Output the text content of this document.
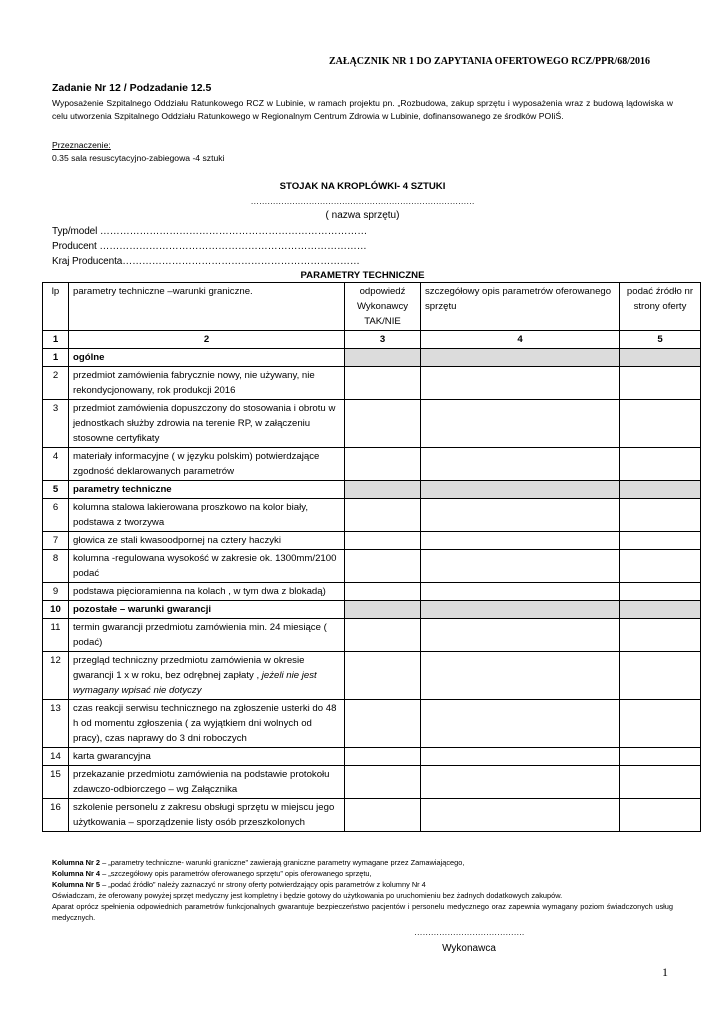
ZAŁĄCZNIK NR 1 DO ZAPYTANIA OFERTOWEGO RCZ/PPR/68/2016
Zadanie Nr 12 / Podzadanie 12.5
Wyposażenie Szpitalnego Oddziału Ratunkowego RCZ w Lubinie, w ramach projektu pn. „Rozbudowa, zakup sprzętu i wyposażenia wraz z budową lądowiska w celu utworzenia Szpitalnego Oddziału Ratunkowego w Regionalnym Centrum Zdrowia w Lubinie, dofinansowanego ze środków POIiŚ.
Przeznaczenie:
0.35 sala resuscytacyjno-zabiegowa -4 sztuki
STOJAK NA KROPLÓWKI- 4 SZTUKI
………………………………………………………………………
( nazwa sprzętu)
Typ/model ………………………………………………………………………
Producent ………………………………………………………………………
Kraj Producenta………………………………………………………………
PARAMETRY TECHNICZNE
lp	parametry techniczne –warunki graniczne.	odpowiedź Wykonawcy TAK/NIE	szczegółowy opis parametrów oferowanego sprzętu	podać źródło nr strony oferty
1	2	3	4	5
1	ogólne			
2	przedmiot zamówienia fabrycznie nowy, nie używany, nie rekondycjonowany, rok produkcji 2016			
3	przedmiot zamówienia dopuszczony do stosowania i obrotu w jednostkach służby zdrowia na terenie RP, w załączeniu stosowne certyfikaty			
4	materiały informacyjne ( w języku polskim) potwierdzające zgodność deklarowanych parametrów			
5	parametry techniczne			
6	kolumna stalowa lakierowana proszkowo na kolor biały, podstawa z tworzywa			
7	głowica ze stali kwasoodpornej na cztery haczyki			
8	kolumna -regulowana wysokość w zakresie ok. 1300mm/2100 podać			
9	podstawa pięcioramienna na kolach , w tym dwa z blokadą)			
10	pozostałe – warunki gwarancji			
11	termin gwarancji przedmiotu zamówienia min. 24 miesiące ( podać)			
12	przegląd techniczny przedmiotu zamówienia w okresie gwarancji 1 x w roku, bez odrębnej zapłaty , jeżeli nie jest wymagany wpisać nie dotyczy			
13	czas reakcji serwisu technicznego na zgłoszenie usterki do 48 h od momentu zgłoszenia ( za wyjątkiem dni wolnych od pracy), czas naprawy do 3 dni roboczych			
14	karta gwarancyjna			
15	przekazanie przedmiotu zamówienia na podstawie protokołu zdawczo-odbiorczego – wg Załącznika			
16	szkolenie personelu z zakresu obsługi sprzętu w miejscu jego użytkowania – sporządzenie listy osób przeszkolonych			

Kolumna Nr 2 – „parametry techniczne- warunki graniczne” zawierają graniczne parametry wymagane przez Zamawiającego,

Kolumna Nr 4 – „szczegółowy opis parametrów oferowanego sprzętu” opis oferowanego sprzętu,

Kolumna Nr 5 – „podać źródło” należy zaznaczyć nr strony oferty potwierdzający opis parametrów z kolumny Nr 4

Oświadczam, że oferowany powyżej sprzęt medyczny jest kompletny i będzie gotowy do użytkowania po uruchomieniu bez żadnych dodatkowych zakupów.

Aparat oprócz spełnienia odpowiednich parametrów funkcjonalnych gwarantuje bezpieczeństwo pacjentów i personelu medycznego oraz zapewnia wymagany poziom świadczonych usług medycznych.

………………………………….
Wykonawca
1
